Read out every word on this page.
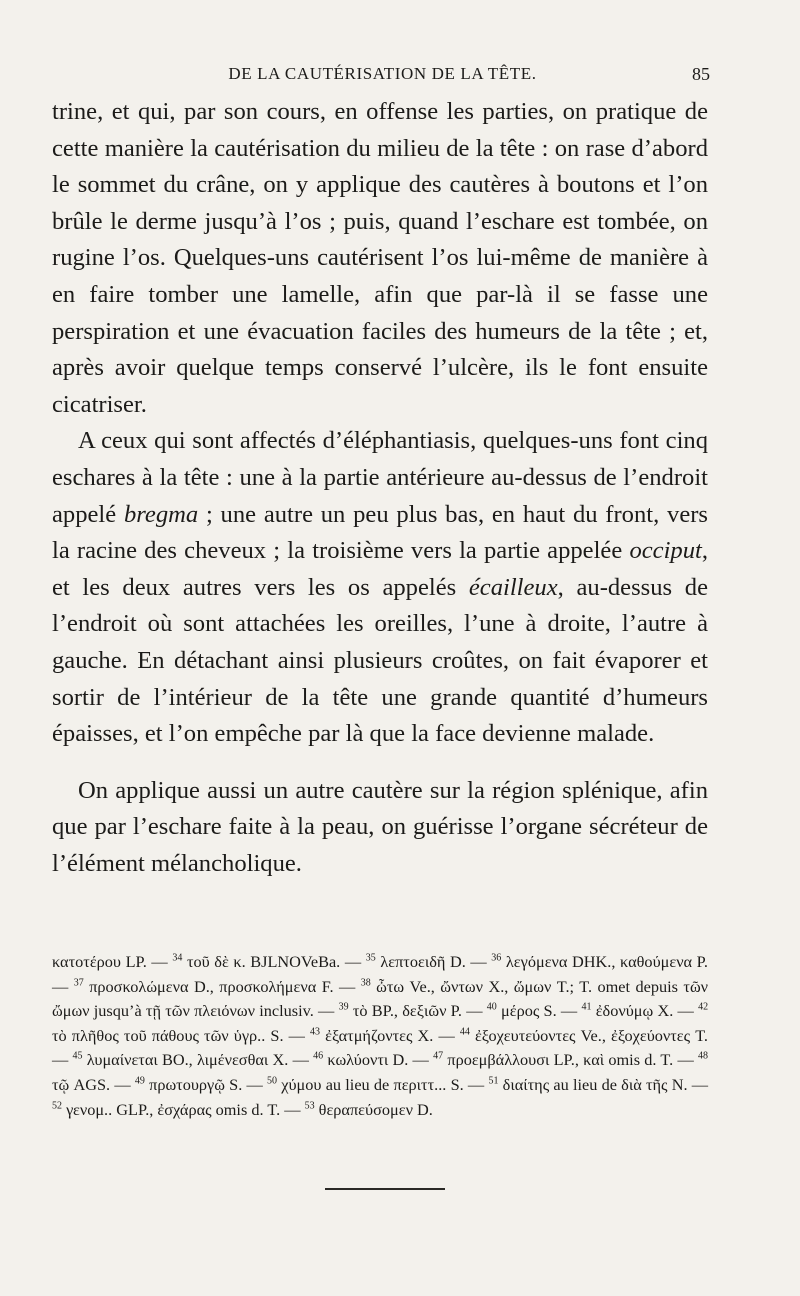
DE LA CAUTÉRISATION DE LA TÊTE.	85

trine, et qui, par son cours, en offense les parties, on pratique de cette manière la cautérisation du milieu de la tête : on rase d’abord le sommet du crâne, on y applique des cautères à boutons et l’on brûle le derme jusqu’à l’os ; puis, quand l’eschare est tombée, on rugine l’os. Quelques-uns cautérisent l’os lui-même de manière à en faire tomber une lamelle, afin que par-là il se fasse une perspiration et une évacuation faciles des humeurs de la tête ; et, après avoir quelque temps conservé l’ulcère, ils le font ensuite cicatriser.

A ceux qui sont affectés d’éléphantiasis, quelques-uns font cinq eschares à la tête : une à la partie antérieure au-dessus de l’endroit appelé bregma ; une autre un peu plus bas, en haut du front, vers la racine des cheveux ; la troisième vers la partie appelée occiput, et les deux autres vers les os appelés écailleux, au-dessus de l’endroit où sont attachées les oreilles, l’une à droite, l’autre à gauche. En détachant ainsi plusieurs croûtes, on fait évaporer et sortir de l’intérieur de la tête une grande quantité d’humeurs épaisses, et l’on empêche par là que la face devienne malade.

On applique aussi un autre cautère sur la région splénique, afin que par l’eschare faite à la peau, on guérisse l’organe sécréteur de l’élément mélancholique.

κατοτέρου LP. — $^{34}$ τοῦ δὲ κ. BJLNOVeBa. — $^{35}$ λεπτοειδῆ D. — $^{36}$ λεγόμενα DHK., καθούμενα P. — $^{37}$ προσκολώμενα D., προσκολήμενα F. — $^{38}$ ὦτω Ve., ὤντων X., ὤμων T.; T. omet depuis τῶν ὤμων jusqu’à τῇ τῶν πλειόνων inclusiv. — $^{39}$ τὸ BP., δεξιῶν P. — $^{40}$ μέρος S. — $^{41}$ ἐδονύμῳ X. — $^{42}$ τὸ πλῆθος τοῦ πάθους τῶν ὑγρ.. S. — $^{43}$ ἐξατμήζοντες X. — $^{44}$ ἐξοχευτεύοντες Ve., ἐξοχεύοντες T. — $^{45}$ λυμαίνεται BO., λιμένεσθαι X. — $^{46}$ κωλύοντι D. — $^{47}$ προεμβάλλουσι LP., καὶ omis d. T. — $^{48}$ τῷ AGS. — $^{49}$ πρωτουργῷ S. — $^{50}$ χύμου au lieu de περιττ... S. — $^{51}$ διαίτης au lieu de διὰ τῆς N. — $^{52}$ γενομ.. GLP., ἐσχάρας omis d. T. — $^{53}$ θεραπεύσομεν D.
